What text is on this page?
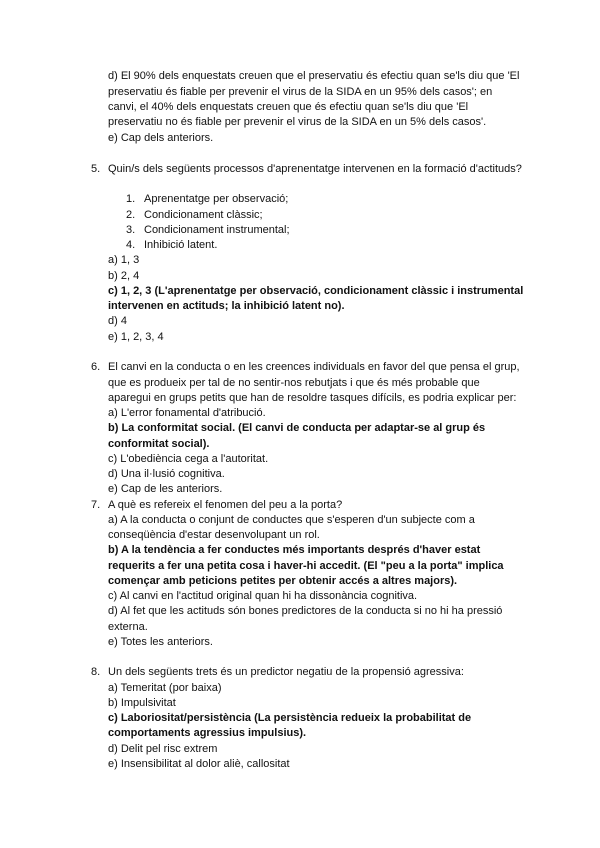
d) El 90% dels enquestats creuen que el preservatiu és efectiu quan se'ls diu que 'El
preservatiu és fiable per prevenir el virus de la SIDA en un 95% dels casos'; en
canvi, el 40% dels enquestats creuen que és efectiu quan se'ls diu que 'El
preservatiu no és fiable per prevenir el virus de la SIDA en un 5% dels casos'.
e) Cap dels anteriors.
5. Quin/s dels següents processos d'aprenentatge intervenen en la formació d'actituds?
1. Aprenentatge per observació;
2. Condicionament clàssic;
3. Condicionament instrumental;
4. Inhibició latent.
a) 1, 3
b) 2, 4
c) 1, 2, 3 (L'aprenentatge per observació, condicionament clàssic i instrumental
intervenen en actituds; la inhibició latent no).
d) 4
e) 1, 2, 3, 4
6. El canvi en la conducta o en les creences individuals en favor del que pensa el grup,
que es produeix per tal de no sentir-nos rebutjats i que és més probable que
aparegui en grups petits que han de resoldre tasques difícils, es podria explicar per:
a) L'error fonamental d'atribució.
b) La conformitat social. (El canvi de conducta per adaptar-se al grup és
conformitat social).
c) L'obediència cega a l'autoritat.
d) Una il·lusió cognitiva.
e) Cap de les anteriors.
7. A què es refereix el fenomen del peu a la porta?
a) A la conducta o conjunt de conductes que s'esperen d'un subjecte com a
conseqüència d'estar desenvolupant un rol.
b) A la tendència a fer conductes més importants després d'haver estat
requerits a fer una petita cosa i haver-hi accedit. (El "peu a la porta" implica
començar amb peticions petites per obtenir accés a altres majors).
c) Al canvi en l'actitud original quan hi ha dissonància cognitiva.
d) Al fet que les actituds són bones predictores de la conducta si no hi ha pressió
externa.
e) Totes les anteriors.
8. Un dels següents trets és un predictor negatiu de la propensió agressiva:
a) Temeritat (por baixa)
b) Impulsivitat
c) Laboriositat/persistència (La persistència redueix la probabilitat de
comportaments agressius impulsius).
d) Delit pel risc extrem
e) Insensibilitat al dolor aliè, callositat
